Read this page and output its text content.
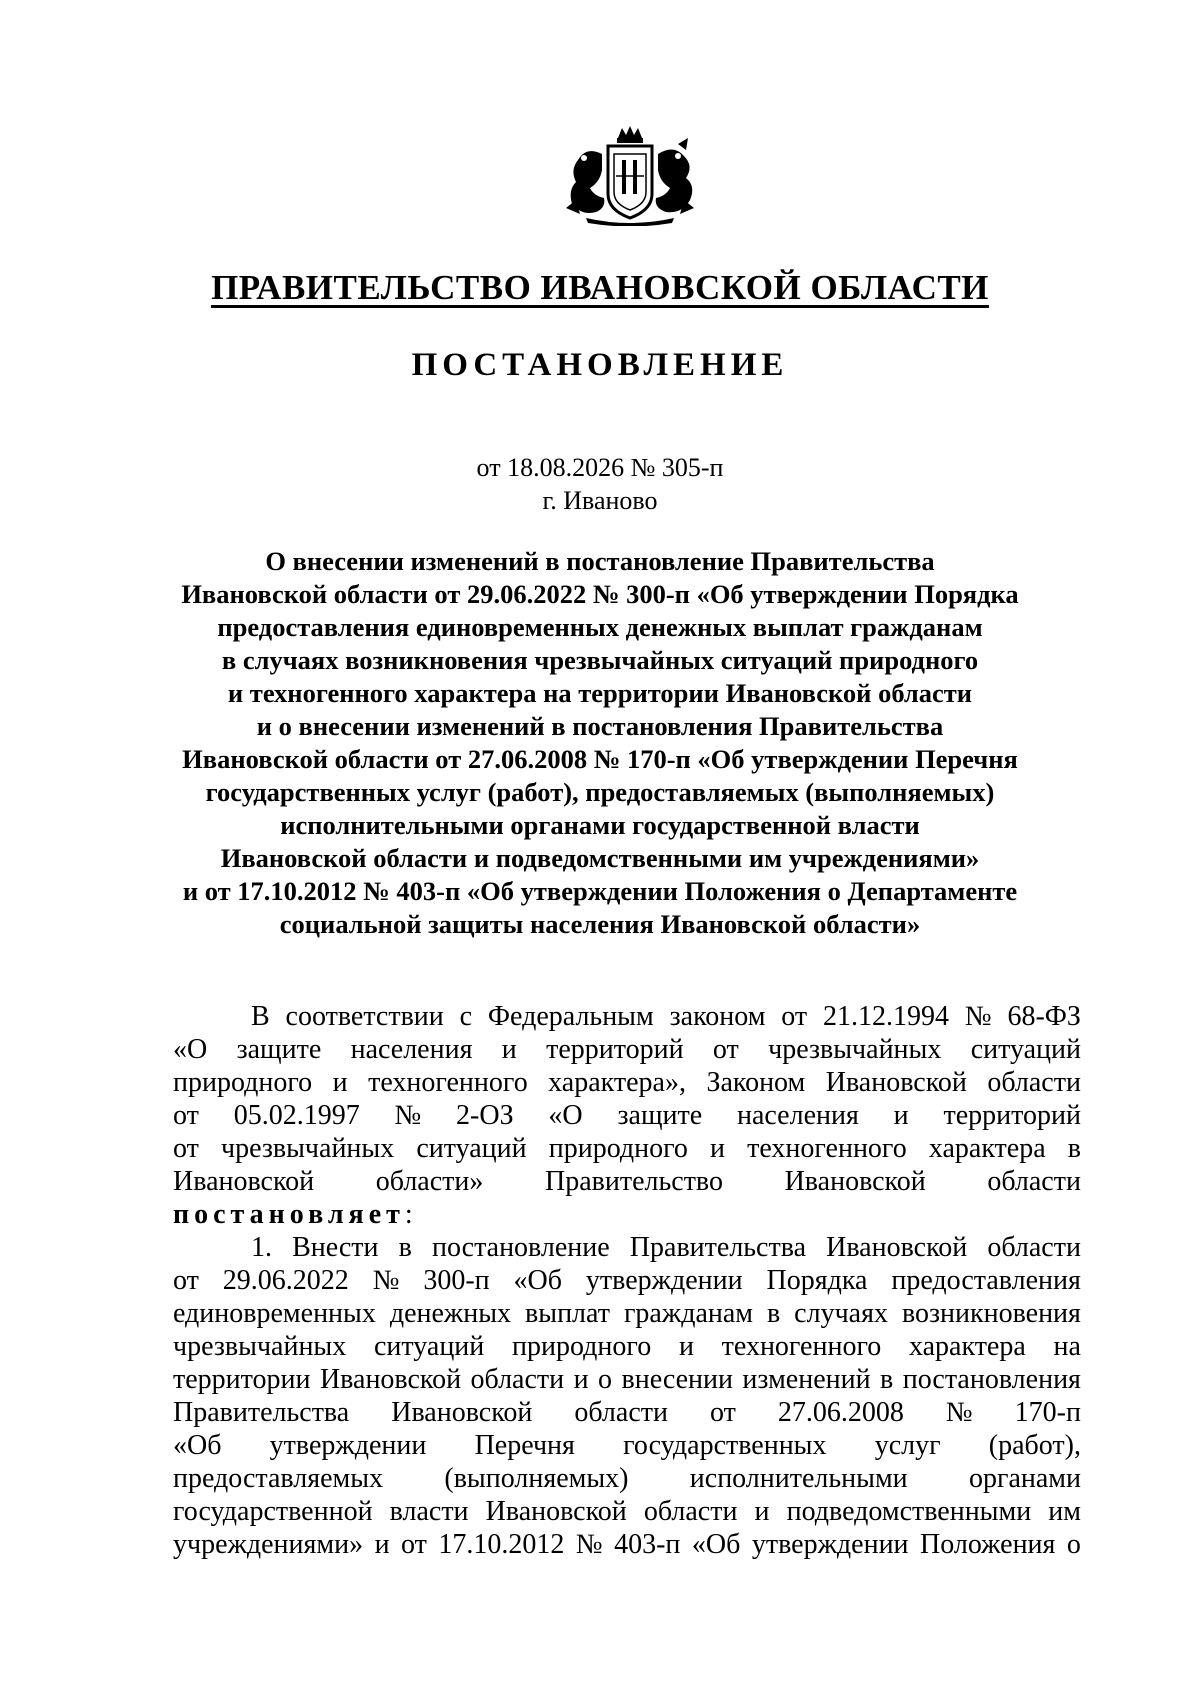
ПРАВИТЕЛЬСТВО ИВАНОВСКОЙ ОБЛАСТИ
ПОСТАНОВЛЕНИЕ
от 18.08.2026 № 305-п
г. Иваново
О внесении изменений в постановление Правительства
Ивановской области от 29.06.2022 № 300-п «Об утверждении Порядка
предоставления единовременных денежных выплат гражданам
в случаях возникновения чрезвычайных ситуаций природного
и техногенного характера на территории Ивановской области
и о внесении изменений в постановления Правительства
Ивановской области от 27.06.2008 № 170-п «Об утверждении Перечня
государственных услуг (работ), предоставляемых (выполняемых)
исполнительными органами государственной власти
Ивановской области и подведомственными им учреждениями»
и от 17.10.2012 № 403-п «Об утверждении Положения о Департаменте
социальной защиты населения Ивановской области»
В соответствии с Федеральным законом от 21.12.1994 № 68-ФЗ
«О защите населения и территорий от чрезвычайных ситуаций
природного и техногенного характера», Законом Ивановской области
от 05.02.1997 № 2-ОЗ «О защите населения и территорий
от чрезвычайных ситуаций природного и техногенного характера в
Ивановской области» Правительство Ивановской области
постановляет :
1. Внести в постановление Правительства Ивановской области
от 29.06.2022 № 300-п «Об утверждении Порядка предоставления
единовременных денежных выплат гражданам в случаях возникновения
чрезвычайных ситуаций природного и техногенного характера на
территории Ивановской области и о внесении изменений в постановления
Правительства Ивановской области от 27.06.2008 № 170-п
«Об утверждении Перечня государственных услуг (работ),
предоставляемых (выполняемых) исполнительными органами
государственной власти Ивановской области и подведомственными им
учреждениями» и от 17.10.2012 № 403-п «Об утверждении Положения о
